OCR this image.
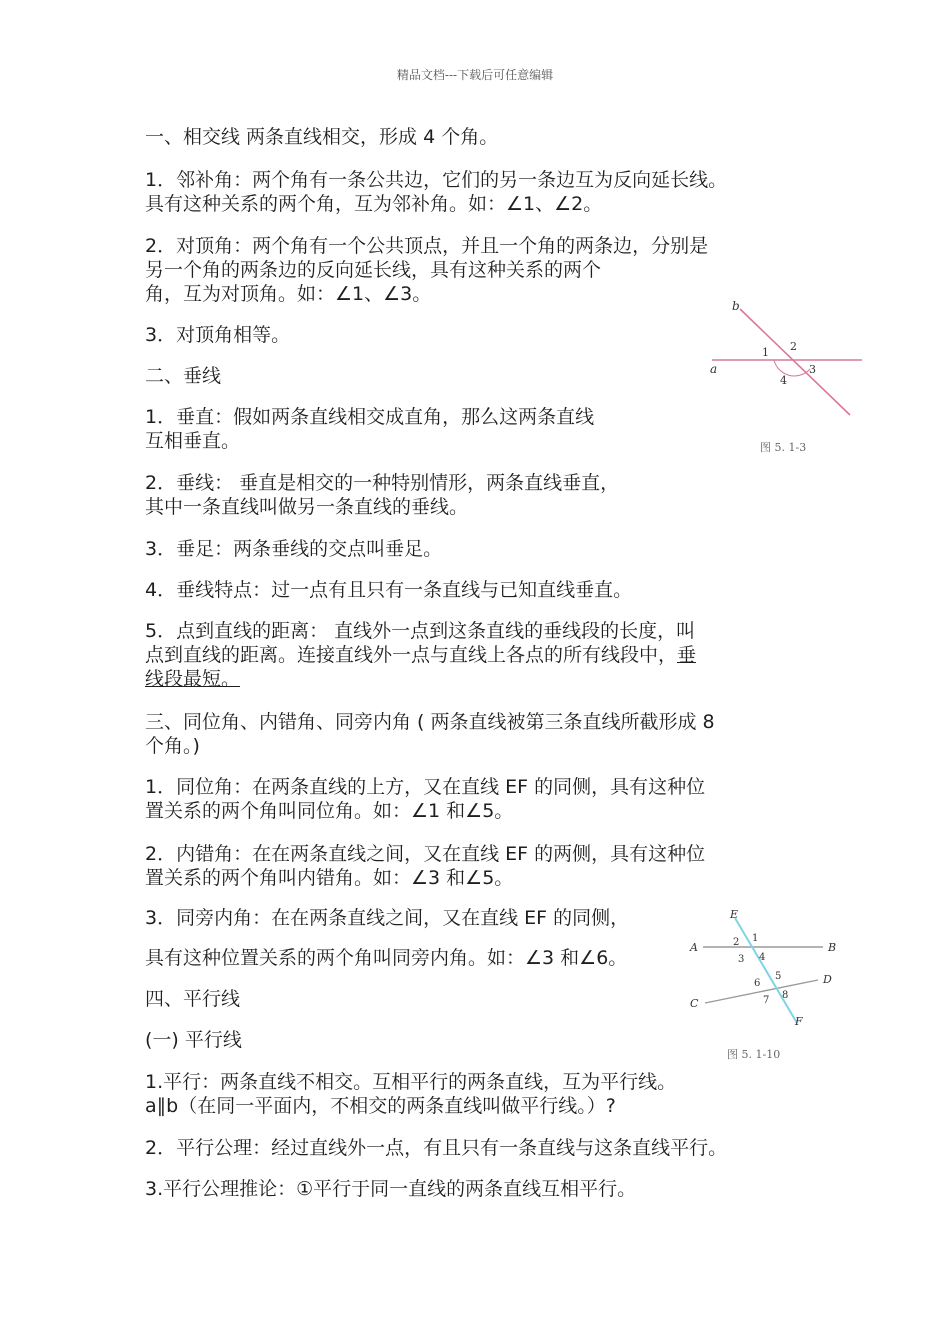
精品文档---下载后可任意编辑

一、相交线 两条直线相交，形成 4 个角。

1．邻补角：两个角有一条公共边，它们的另一条边互为反向延长线。

具有这种关系的两个角，互为邻补角。如：∠1、∠2。

2．对顶角：两个角有一个公共顶点，并且一个角的两条边，分别是

另一个角的两条边的反向延长线，具有这种关系的两个

角，互为对顶角。如：∠1、∠3。

3．对顶角相等。

二、垂线

1．垂直：假如两条直线相交成直角，那么这两条直线

互相垂直。

2．垂线： 垂直是相交的一种特别情形，两条直线垂直，

其中一条直线叫做另一条直线的垂线。

3．垂足：两条垂线的交点叫垂足。

4．垂线特点：过一点有且只有一条直线与已知直线垂直。

5．点到直线的距离： 直线外一点到这条直线的垂线段的长度，叫

点到直线的距离。连接直线外一点与直线上各点的所有线段中，垂

线段最短。

三、同位角、内错角、同旁内角 ( 两条直线被第三条直线所截形成 8

个角。)

1．同位角：在两条直线的上方，又在直线 EF 的同侧，具有这种位

置关系的两个角叫同位角。如：∠1 和∠5。

2．内错角：在在两条直线之间，又在直线 EF 的两侧，具有这种位

置关系的两个角叫内错角。如：∠3 和∠5。

3．同旁内角：在在两条直线之间，又在直线 EF 的同侧，

具有这种位置关系的两个角叫同旁内角。如：∠3 和∠6。

四、平行线

(一) 平行线

1.平行：两条直线不相交。互相平行的两条直线，互为平行线。

a∥b（在同一平面内，不相交的两条直线叫做平行线。）?

2．平行公理：经过直线外一点，有且只有一条直线与这条直线平行。

3.平行公理推论：①平行于同一直线的两条直线互相平行。

b
a
1 2
3
4
图 5. 1-3
E
A	B
C
D
F
1
2
3 4
5
6
7 8
图 5. 1-10
